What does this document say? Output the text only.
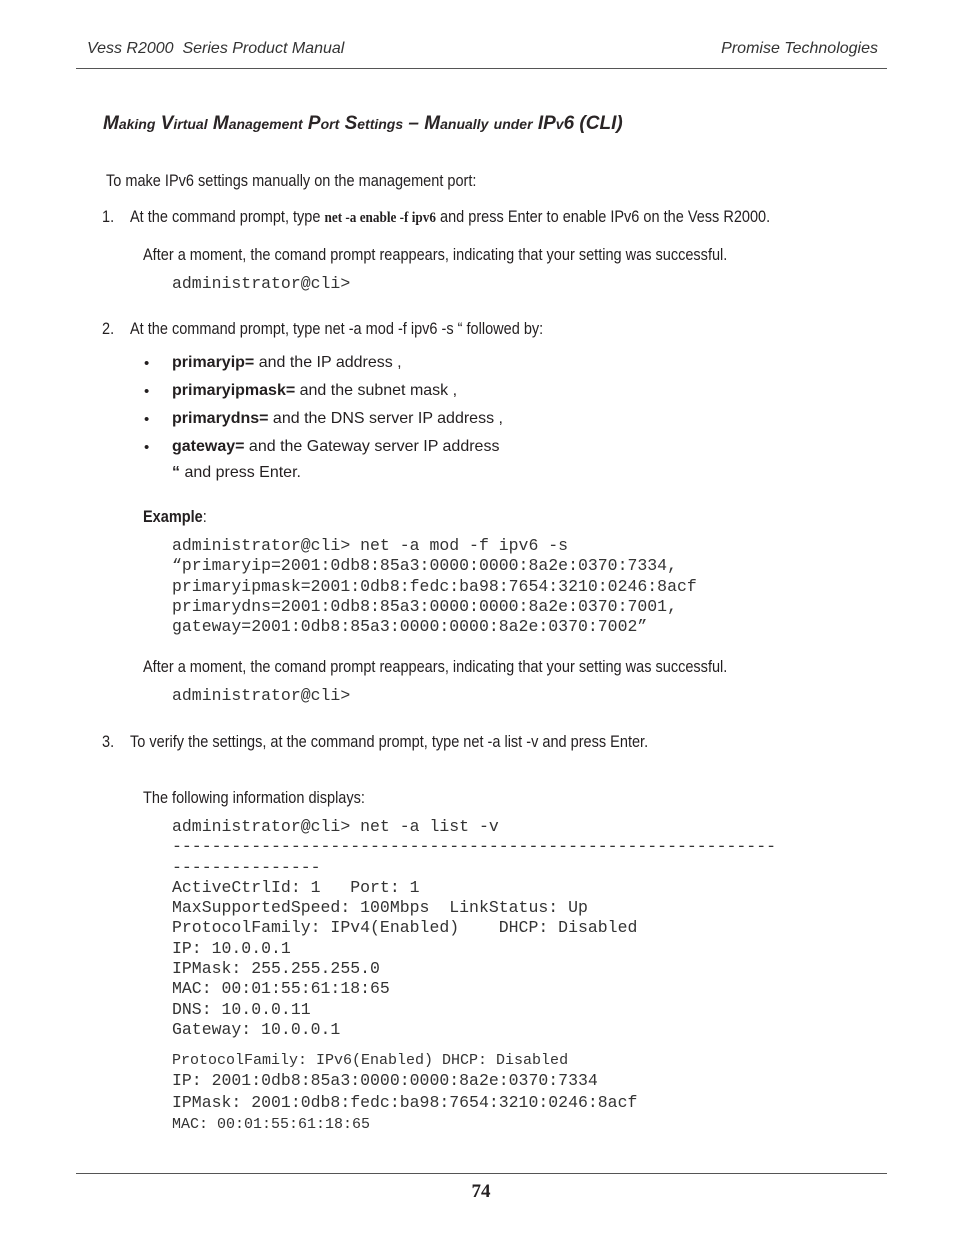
Vess R2000  Series Product Manual	Promise Technologies
Making Virtual Management Port Settings – Manually under IPv6 (CLI)
To make IPv6 settings manually on the management port:
1. At the command prompt, type net -a enable -f ipv6 and press Enter to enable IPv6 on the Vess R2000.
After a moment, the comand prompt reappears, indicating that your setting was successful.
administrator@cli>
2. At the command prompt, type net -a mod -f ipv6 -s “ followed by:
• primaryip= and the IP address ,
• primaryipmask= and the subnet mask ,
• primarydns= and the DNS server IP address ,
• gateway= and the Gateway server IP address
“ and press Enter.
Example:
administrator@cli> net -a mod -f ipv6 -s
“primaryip=2001:0db8:85a3:0000:0000:8a2e:0370:7334,
primaryipmask=2001:0db8:fedc:ba98:7654:3210:0246:8acf
primarydns=2001:0db8:85a3:0000:0000:8a2e:0370:7001,
gateway=2001:0db8:85a3:0000:0000:8a2e:0370:7002”
After a moment, the comand prompt reappears, indicating that your setting was successful.
administrator@cli>
3. To verify the settings, at the command prompt, type net -a list -v and press Enter.
The following information displays:
administrator@cli> net -a list -v
-------------------------------------------------------------
---------------
ActiveCtrlId: 1   Port: 1
MaxSupportedSpeed: 100Mbps  LinkStatus: Up
ProtocolFamily: IPv4(Enabled)    DHCP: Disabled
IP: 10.0.0.1
IPMask: 255.255.255.0
MAC: 00:01:55:61:18:65
DNS: 10.0.0.11
Gateway: 10.0.0.1
ProtocolFamily: IPv6(Enabled) DHCP: Disabled
IP: 2001:0db8:85a3:0000:0000:8a2e:0370:7334
IPMask: 2001:0db8:fedc:ba98:7654:3210:0246:8acf
MAC: 00:01:55:61:18:65
74
